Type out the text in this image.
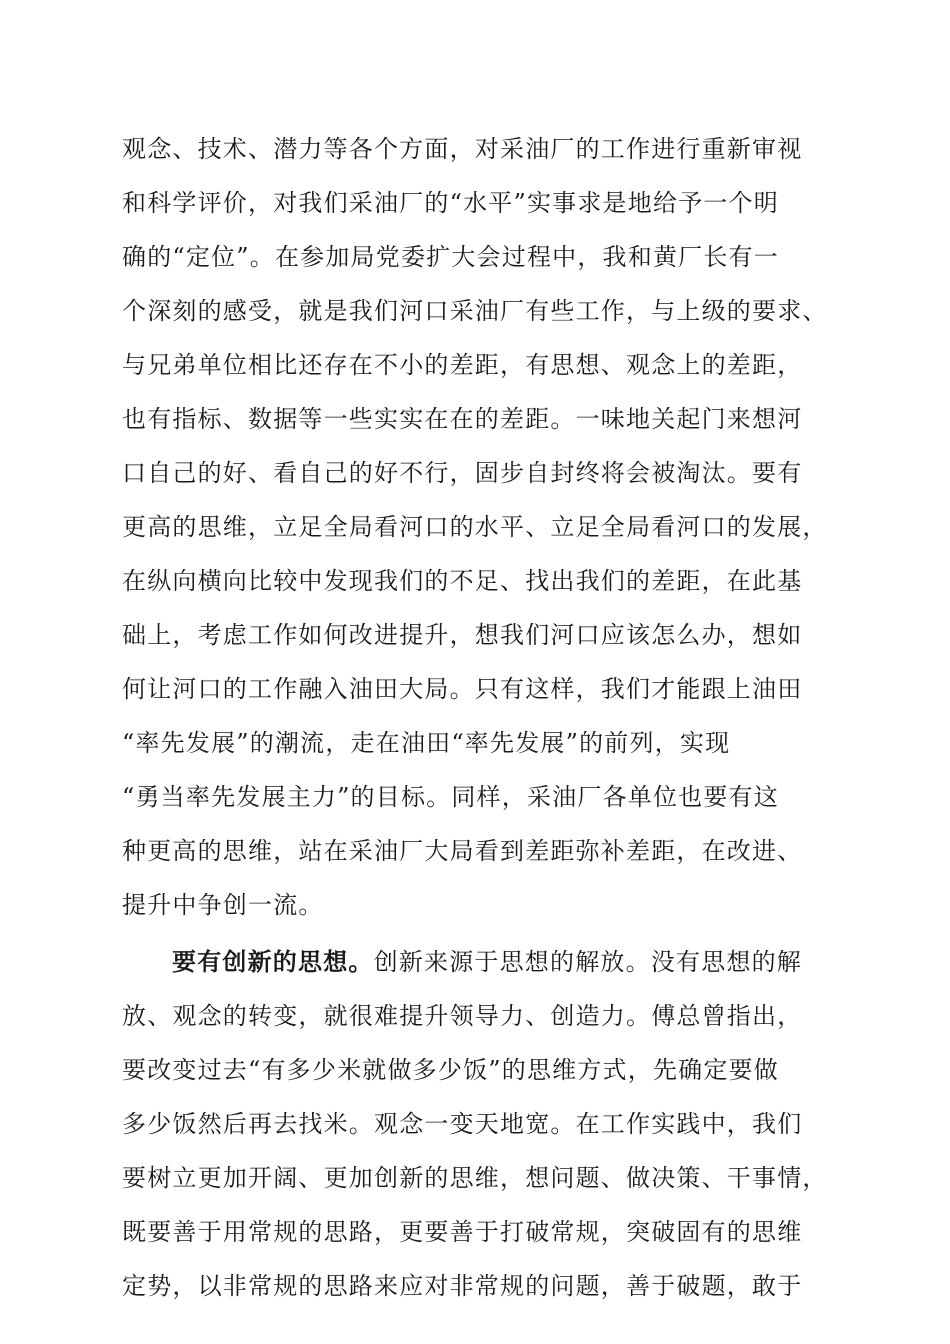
观念、技术、潜力等各个方面，对采油厂的工作进行重新审视
和科学评价，对我们采油厂的“水平”实事求是地给予一个明
确的“定位”。在参加局党委扩大会过程中，我和黄厂长有一
个深刻的感受，就是我们河口采油厂有些工作，与上级的要求、
与兄弟单位相比还存在不小的差距，有思想、观念上的差距，
也有指标、数据等一些实实在在的差距。一味地关起门来想河
口自己的好、看自己的好不行，固步自封终将会被淘汰。要有
更高的思维，立足全局看河口的水平、立足全局看河口的发展，
在纵向横向比较中发现我们的不足、找出我们的差距，在此基
础上，考虑工作如何改进提升，想我们河口应该怎么办，想如
何让河口的工作融入油田大局。只有这样，我们才能跟上油田
“率先发展”的潮流，走在油田“率先发展”的前列，实现
“勇当率先发展主力”的目标。同样，采油厂各单位也要有这
种更高的思维，站在采油厂大局看到差距弥补差距，在改进、
提升中争创一流。
要有创新的思想。创新来源于思想的解放。没有思想的解
放、观念的转变，就很难提升领导力、创造力。傅总曾指出，
要改变过去“有多少米就做多少饭”的思维方式，先确定要做
多少饭然后再去找米。观念一变天地宽。在工作实践中，我们
要树立更加开阔、更加创新的思维，想问题、做决策、干事情，
既要善于用常规的思路，更要善于打破常规，突破固有的思维
定势，以非常规的思路来应对非常规的问题，善于破题，敢于
